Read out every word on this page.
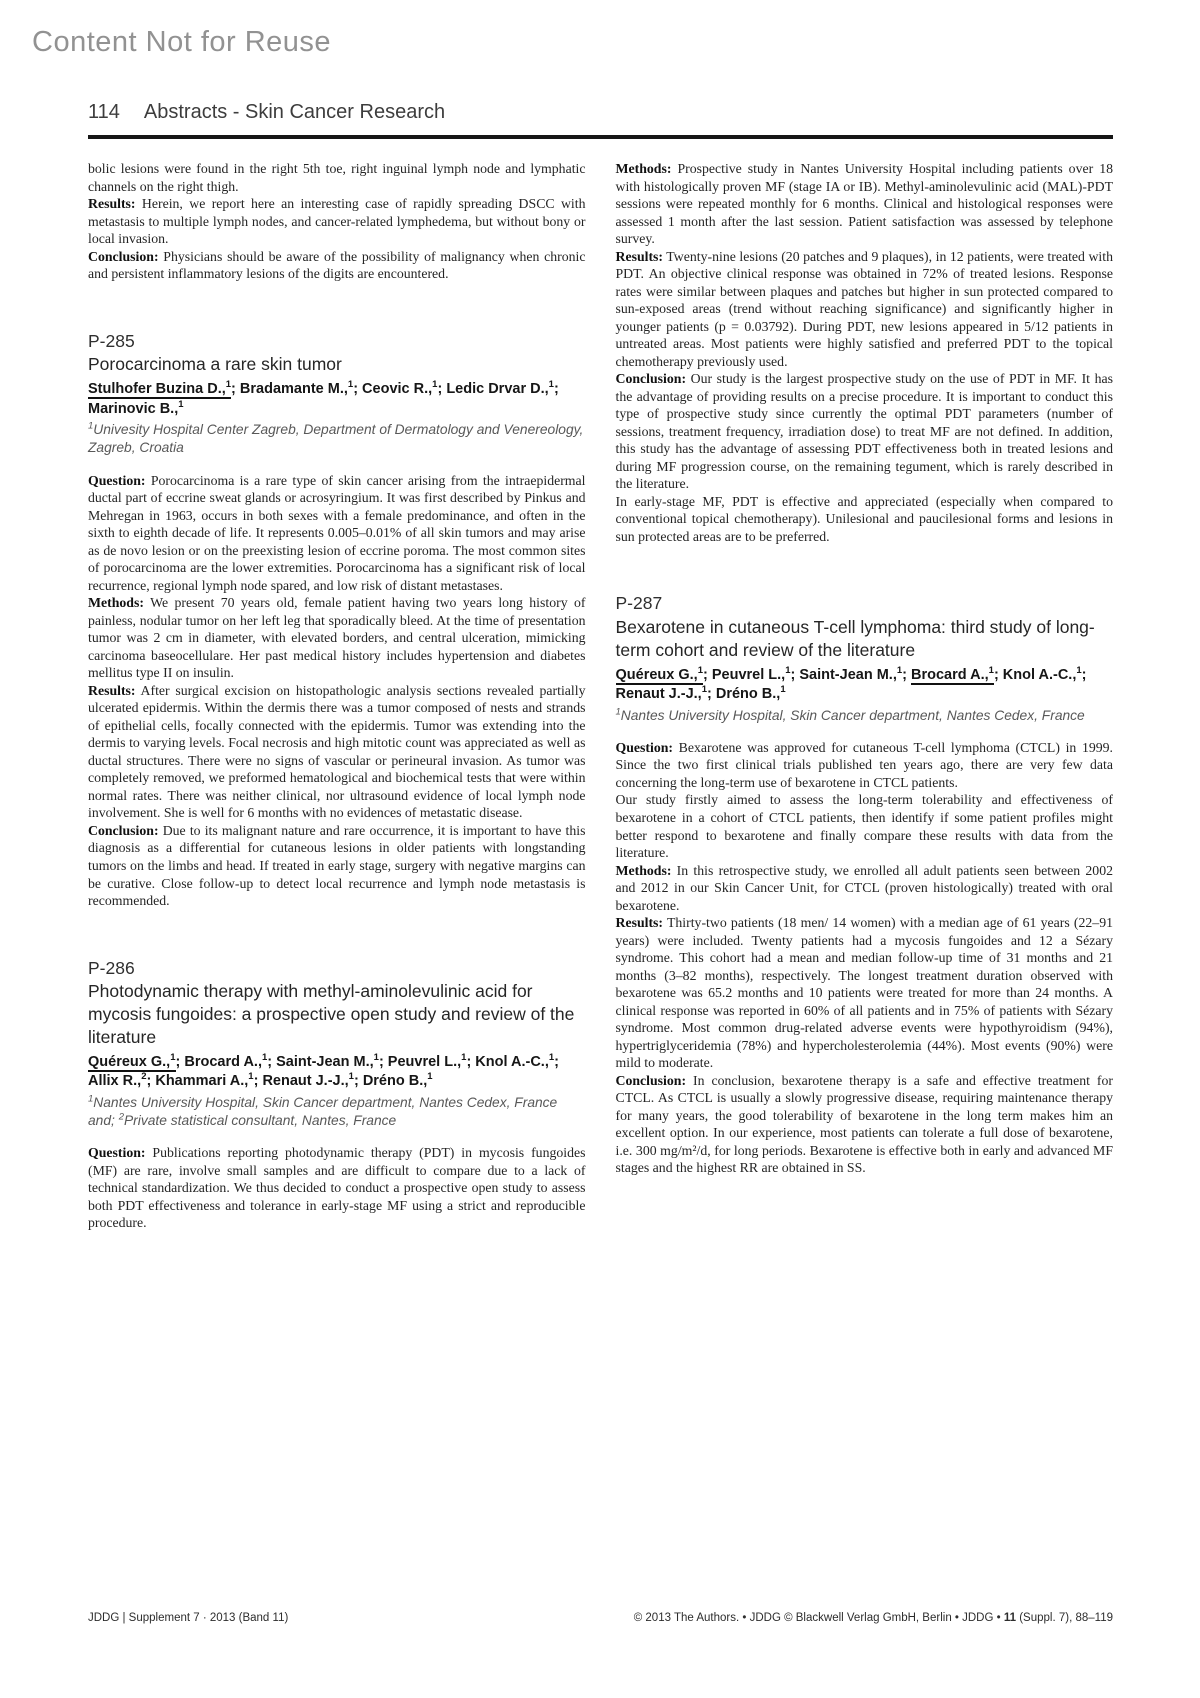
Content Not for Reuse
114 Abstracts - Skin Cancer Research

bolic lesions were found in the right 5th toe, right inguinal lymph node and lymphatic channels on the right thigh.

Results: Herein, we report here an interesting case of rapidly spreading DSCC with metastasis to multiple lymph nodes, and cancer-related lymphedema, but without bony or local invasion.

Conclusion: Physicians should be aware of the possibility of malignancy when chronic and persistent inflammatory lesions of the digits are encountered.

P-285
Porocarcinoma a rare skin tumor

Stulhofer Buzina D.,$^1$; Bradamante M.,$^1$; Ceovic R.,$^1$; Ledic Drvar D.,$^1$; Marinovic B.,$^1$

$^1$Univesity Hospital Center Zagreb, Department of Dermatology and Venereology, Zagreb, Croatia

Question: Porocarcinoma is a rare type of skin cancer arising from the intraepidermal ductal part of eccrine sweat glands or acrosyringium. It was first described by Pinkus and Mehregan in 1963, occurs in both sexes with a female predominance, and often in the sixth to eighth decade of life. It represents 0.005–0.01% of all skin tumors and may arise as de novo lesion or on the preexisting lesion of eccrine poroma. The most common sites of porocarcinoma are the lower extremities. Porocarcinoma has a significant risk of local recurrence, regional lymph node spared, and low risk of distant metastases.

Methods: We present 70 years old, female patient having two years long history of painless, nodular tumor on her left leg that sporadically bleed. At the time of presentation tumor was 2 cm in diameter, with elevated borders, and central ulceration, mimicking carcinoma baseocellulare. Her past medical history includes hypertension and diabetes mellitus type II on insulin.

Results: After surgical excision on histopathologic analysis sections revealed partially ulcerated epidermis. Within the dermis there was a tumor composed of nests and strands of epithelial cells, focally connected with the epidermis. Tumor was extending into the dermis to varying levels. Focal necrosis and high mitotic count was appreciated as well as ductal structures. There were no signs of vascular or perineural invasion. As tumor was completely removed, we preformed hematological and biochemical tests that were within normal rates. There was neither clinical, nor ultrasound evidence of local lymph node involvement. She is well for 6 months with no evidences of metastatic disease.

Conclusion: Due to its malignant nature and rare occurrence, it is important to have this diagnosis as a differential for cutaneous lesions in older patients with longstanding tumors on the limbs and head. If treated in early stage, surgery with negative margins can be curative. Close follow-up to detect local recurrence and lymph node metastasis is recommended.

P-286
Photodynamic therapy with methyl-aminolevulinic acid for mycosis fungoides: a prospective open study and review of the literature

Quéreux G.,$^1$; Brocard A.,$^1$; Saint-Jean M.,$^1$; Peuvrel L.,$^1$; Knol A.-C.,$^1$; Allix R.,$^2$; Khammari A.,$^1$; Renaut J.-J.,$^1$; Dréno B.,$^1$

$^1$Nantes University Hospital, Skin Cancer department, Nantes Cedex, France and; $^2$Private statistical consultant, Nantes, France

Question: Publications reporting photodynamic therapy (PDT) in mycosis fungoides (MF) are rare, involve small samples and are difficult to compare due to a lack of technical standardization. We thus decided to conduct a prospective open study to assess both PDT effectiveness and tolerance in early-stage MF using a strict and reproducible procedure.

Methods: Prospective study in Nantes University Hospital including patients over 18 with histologically proven MF (stage IA or IB). Methyl-aminolevulinic acid (MAL)-PDT sessions were repeated monthly for 6 months. Clinical and histological responses were assessed 1 month after the last session. Patient satisfaction was assessed by telephone survey.

Results: Twenty-nine lesions (20 patches and 9 plaques), in 12 patients, were treated with PDT. An objective clinical response was obtained in 72% of treated lesions. Response rates were similar between plaques and patches but higher in sun protected compared to sun-exposed areas (trend without reaching significance) and significantly higher in younger patients (p = 0.03792). During PDT, new lesions appeared in 5/12 patients in untreated areas. Most patients were highly satisfied and preferred PDT to the topical chemotherapy previously used.

Conclusion: Our study is the largest prospective study on the use of PDT in MF. It has the advantage of providing results on a precise procedure. It is important to conduct this type of prospective study since currently the optimal PDT parameters (number of sessions, treatment frequency, irradiation dose) to treat MF are not defined. In addition, this study has the advantage of assessing PDT effectiveness both in treated lesions and during MF progression course, on the remaining tegument, which is rarely described in the literature.

In early-stage MF, PDT is effective and appreciated (especially when compared to conventional topical chemotherapy). Unilesional and paucilesional forms and lesions in sun protected areas are to be preferred.

P-287
Bexarotene in cutaneous T-cell lymphoma: third study of long-term cohort and review of the literature

Quéreux G.,$^1$; Peuvrel L.,$^1$; Saint-Jean M.,$^1$; Brocard A.,$^1$; Knol A.-C.,$^1$; Renaut J.-J.,$^1$; Dréno B.,$^1$

$^1$Nantes University Hospital, Skin Cancer department, Nantes Cedex, France

Question: Bexarotene was approved for cutaneous T-cell lymphoma (CTCL) in 1999. Since the two first clinical trials published ten years ago, there are very few data concerning the long-term use of bexarotene in CTCL patients.

Our study firstly aimed to assess the long-term tolerability and effectiveness of bexarotene in a cohort of CTCL patients, then identify if some patient profiles might better respond to bexarotene and finally compare these results with data from the literature.

Methods: In this retrospective study, we enrolled all adult patients seen between 2002 and 2012 in our Skin Cancer Unit, for CTCL (proven histologically) treated with oral bexarotene.

Results: Thirty-two patients (18 men/ 14 women) with a median age of 61 years (22–91 years) were included. Twenty patients had a mycosis fungoides and 12 a Sézary syndrome. This cohort had a mean and median follow-up time of 31 months and 21 months (3–82 months), respectively. The longest treatment duration observed with bexarotene was 65.2 months and 10 patients were treated for more than 24 months. A clinical response was reported in 60% of all patients and in 75% of patients with Sézary syndrome. Most common drug-related adverse events were hypothyroidism (94%), hypertriglyceridemia (78%) and hypercholesterolemia (44%). Most events (90%) were mild to moderate.

Conclusion: In conclusion, bexarotene therapy is a safe and effective treatment for CTCL. As CTCL is usually a slowly progressive disease, requiring maintenance therapy for many years, the good tolerability of bexarotene in the long term makes him an excellent option. In our experience, most patients can tolerate a full dose of bexarotene, i.e. 300 mg/m²/d, for long periods. Bexarotene is effective both in early and advanced MF stages and the highest RR are obtained in SS.

JDDG | Supplement 7 · 2013 (Band 11)	© 2013 The Authors. • JDDG © Blackwell Verlag GmbH, Berlin • JDDG • 11 (Suppl. 7), 88–119
